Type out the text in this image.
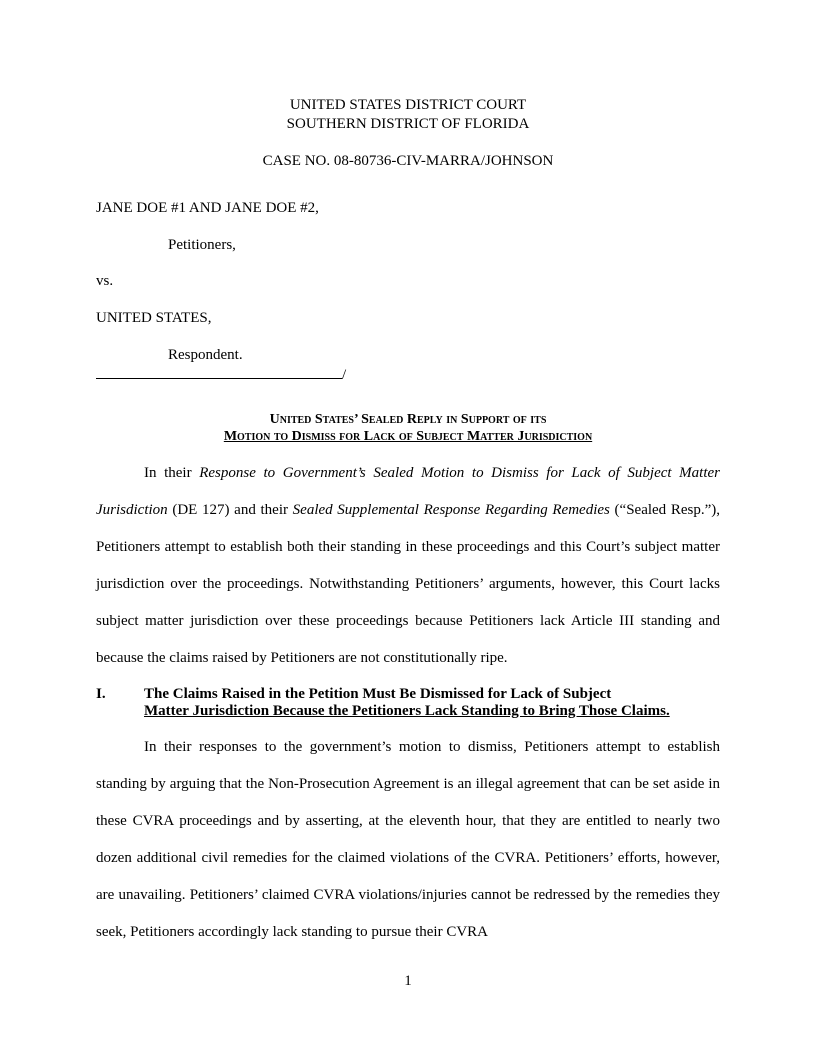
UNITED STATES DISTRICT COURT
SOUTHERN DISTRICT OF FLORIDA
CASE NO. 08-80736-CIV-MARRA/JOHNSON
JANE DOE #1 AND JANE DOE #2,
Petitioners,
vs.
UNITED STATES,
Respondent.
/
United States’ Sealed Reply in Support of its
Motion to Dismiss for Lack of Subject Matter Jurisdiction

In their Response to Government’s Sealed Motion to Dismiss for Lack of Subject Matter Jurisdiction (DE 127) and their Sealed Supplemental Response Regarding Remedies (“Sealed Resp.”), Petitioners attempt to establish both their standing in these proceedings and this Court’s subject matter jurisdiction over the proceedings. Notwithstanding Petitioners’ arguments, however, this Court lacks subject matter jurisdiction over these proceedings because Petitioners lack Article III standing and because the claims raised by Petitioners are not constitutionally ripe.

I.	The Claims Raised in the Petition Must Be Dismissed for Lack of Subject
Matter Jurisdiction Because the Petitioners Lack Standing to Bring Those Claims.

In their responses to the government’s motion to dismiss, Petitioners attempt to establish standing by arguing that the Non-Prosecution Agreement is an illegal agreement that can be set aside in these CVRA proceedings and by asserting, at the eleventh hour, that they are entitled to nearly two dozen additional civil remedies for the claimed violations of the CVRA. Petitioners’ efforts, however, are unavailing. Petitioners’ claimed CVRA violations/injuries cannot be redressed by the remedies they seek, Petitioners accordingly lack standing to pursue their CVRA

1
